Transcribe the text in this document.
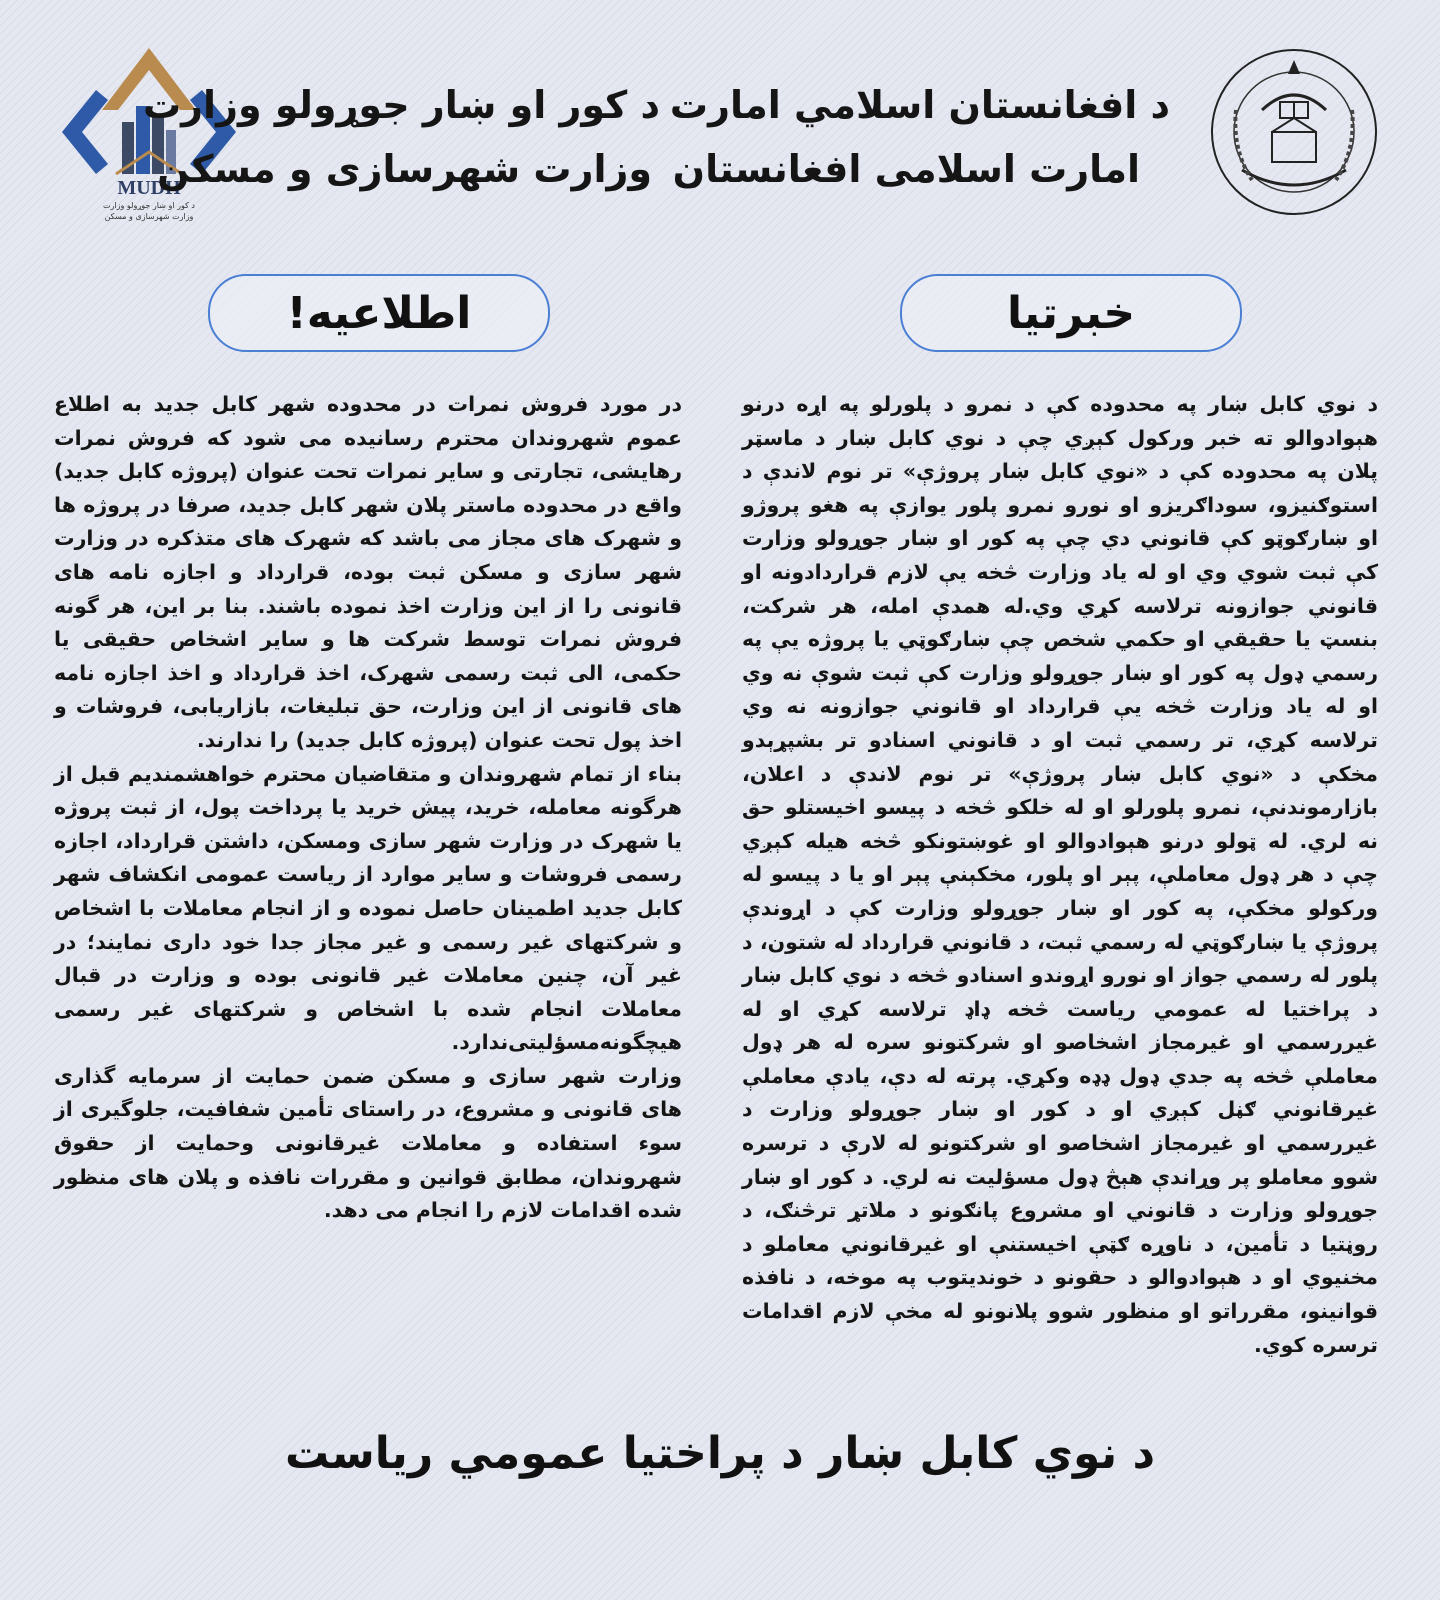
MUDH
د کور او ښار جوړولو وزارت
وزارت شهرسازی و مسکن
د افغانستان اسلامي امارت
امارت اسلامی افغانستان
د کور او ښار جوړولو وزارت
وزارت شهرسازی و مسکن
خبرتیا
اطلاعیه!

د نوي کابل ښار په محدوده کې د نمرو د پلورلو په اړه درنو هېوادوالو ته خبر ورکول کېږي چې د نوي کابل ښار د ماسټر پلان په محدوده کې د «نوي کابل ښار پروژې» تر نوم لاندې د استوګنیزو، سوداګریزو او نورو نمرو پلور یوازې په هغو پروژو او ښارګوټو کې قانوني دي چې په کور او ښار جوړولو وزارت کې ثبت شوي وي او له یاد وزارت څخه یې لازم قراردادونه او قانوني جوازونه ترلاسه کړي وي.له همدې امله، هر شرکت، بنسټ یا حقیقي او حکمي شخص چې ښارګوټي یا پروژه یې په رسمي ډول په کور او ښار جوړولو وزارت کې ثبت شوې نه وي او له یاد وزارت څخه یې قرارداد او قانوني جوازونه نه وي ترلاسه کړي، تر رسمي ثبت او د قانوني اسنادو تر بشپړېدو مخکې د «نوي کابل ښار پروژې» تر نوم لاندې د اعلان، بازارموندنې، نمرو پلورلو او له خلکو څخه د پیسو اخیستلو حق نه لري. له ټولو درنو هېوادوالو او غوښتونکو څخه هیله کېږي چې د هر ډول معاملې، پېر او پلور، مخکېنې پېر او یا د پیسو له ورکولو مخکې، په کور او ښار جوړولو وزارت کې د اړوندې پروژې یا ښارګوټي له رسمي ثبت، د قانوني قرارداد له شتون، د پلور له رسمي جواز او نورو اړوندو اسنادو څخه د نوي کابل ښار د پراختیا له عمومي ریاست څخه ډاډ ترلاسه کړي او له غیررسمي او غیرمجاز اشخاصو او شرکتونو سره له هر ډول معاملې څخه په جدي ډول ډډه وکړي. پرته له دې، یادې معاملې غیرقانوني ګڼل کېږي او د کور او ښار جوړولو وزارت د غیررسمي او غیرمجاز اشخاصو او شرکتونو له لارې د ترسره شوو معاملو پر وړاندې هېڅ ډول مسؤلیت نه لري. د کور او ښار جوړولو وزارت د قانوني او مشروع پانګونو د ملاتړ ترڅنګ، د روڼتیا د تأمین، د ناوړه ګټې اخیستنې او غیرقانوني معاملو د مخنیوي او د هېوادوالو د حقونو د خوندیتوب په موخه، د نافذه قوانینو، مقرراتو او منظور شوو پلانونو له مخې لازم اقدامات ترسره کوي.

در مورد فروش نمرات در محدوده شهر کابل جدید به اطلاع عموم شهروندان محترم رسانیده می شود که فروش نمرات رهایشی، تجارتی و سایر نمرات تحت عنوان (پروژه کابل جدید) واقع در محدوده ماستر پلان شهر کابل جدید، صرفا در پروژه ها و شهرک های مجاز می باشد که شهرک های متذکره در وزارت شهر سازی و مسکن ثبت بوده، قرارداد و اجازه نامه های قانونی را از این وزارت اخذ نموده باشند. بنا بر این، هر گونه فروش نمرات توسط شرکت ها و سایر اشخاص حقیقی یا حکمی، الی ثبت رسمی شهرک، اخذ قرارداد و اخذ اجازه نامه های قانونی از این وزارت، حق تبلیغات، بازاریابی، فروشات و اخذ پول تحت عنوان (پروژه کابل جدید) را ندارند.

بناء از تمام شهروندان و متقاضیان محترم خواهشمندیم قبل از هرگونه معامله، خرید، پیش خرید یا پرداخت پول، از ثبت پروژه یا شهرک در وزارت شهر سازی ومسکن، داشتن قرارداد، اجازه رسمی فروشات و سایر موارد از ریاست عمومی انکشاف شهر کابل جدید اطمینان حاصل نموده و از انجام معاملات با اشخاص و شرکتهای غیر رسمی و غیر مجاز جدا خود داری نمایند؛ در غیر آن، چنین معاملات غیر قانونی بوده و وزارت در قبال معاملات انجام شده با اشخاص و شرکتهای غیر رسمی هیچگونه‌مسؤلیتی‌ندارد.

وزارت شهر سازی و مسکن ضمن حمایت از سرمایه گذاری های قانونی و مشروع، در راستای تأمین شفافیت، جلوگیری از سوء استفاده و معاملات غیرقانونی وحمایت از حقوق شهروندان، مطابق قوانین و مقررات نافذه و پلان های منظور شده اقدامات لازم را انجام می دهد.

د نوي کابل ښار د پراختیا عمومي ریاست
